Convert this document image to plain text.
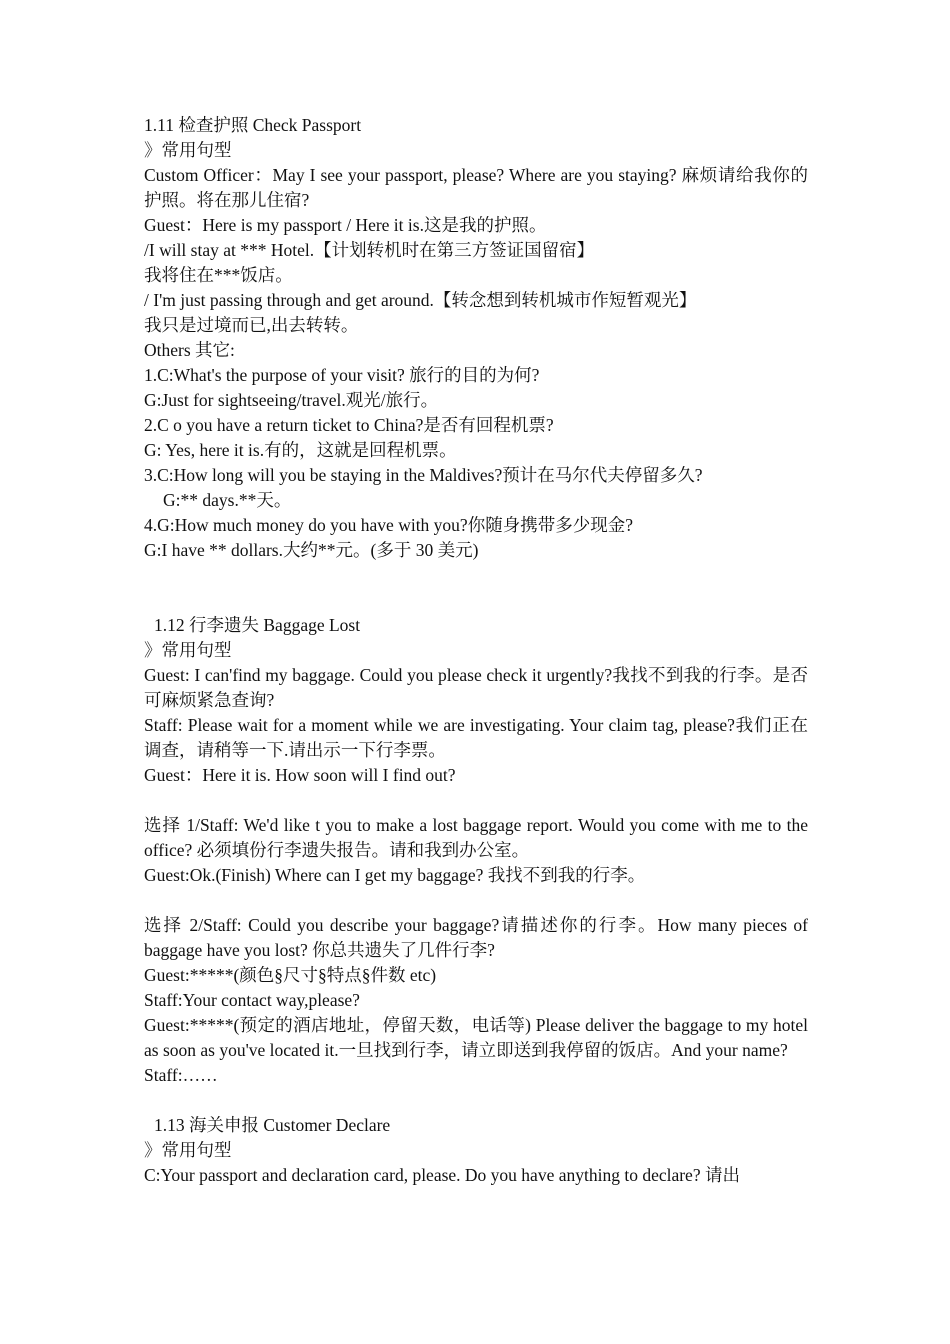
1.11 检查护照 Check Passport
》常用句型
Custom Officer：May I see your passport, please? Where are you staying? 麻烦请给我你的护照。将在那儿住宿?
Guest：Here is my passport / Here it is.这是我的护照。
/I will stay at *** Hotel.【计划转机时在第三方签证国留宿】
我将住在***饭店。
/ I'm just passing through and get around.【转念想到转机城市作短暂观光】
我只是过境而已,出去转转。
Others 其它:
1.C:What's the purpose of your visit? 旅行的目的为何?
G:Just for sightseeing/travel.观光/旅行。
2.C o you have a return ticket to China?是否有回程机票?
G: Yes, here it is.有的，这就是回程机票。
3.C:How long will you be staying in the Maldives?预计在马尔代夫停留多久?
G:** days.**天。
4.G:How much money do you have with you?你随身携带多少现金?
G:I have ** dollars.大约**元。(多于 30 美元)
1.12 行李遗失 Baggage Lost
》常用句型
Guest: I can'find my baggage. Could you please check it urgently?我找不到我的行李。是否可麻烦紧急查询?
Staff: Please wait for a moment while we are investigating. Your claim tag, please?我们正在调查，请稍等一下.请出示一下行李票。
Guest：Here it is. How soon will I find out?
选择 1/Staff: We'd like t you to make a lost baggage report. Would you come with me to the office? 必须填份行李遗失报告。请和我到办公室。
Guest:Ok.(Finish) Where can I get my baggage? 我找不到我的行李。
选择 2/Staff: Could you describe your baggage?请描述你的行李。How many pieces of baggage have you lost? 你总共遗失了几件行李?
Guest:*****(颜色§尺寸§特点§件数 etc)
Staff:Your contact way,please?
Guest:*****(预定的酒店地址，停留天数，电话等) Please deliver the baggage to my hotel as soon as you've located it.一旦找到行李，请立即送到我停留的饭店。And your name?
Staff:……
1.13 海关申报 Customer Declare
》常用句型
C:Your passport and declaration card, please. Do you have anything to declare? 请出
